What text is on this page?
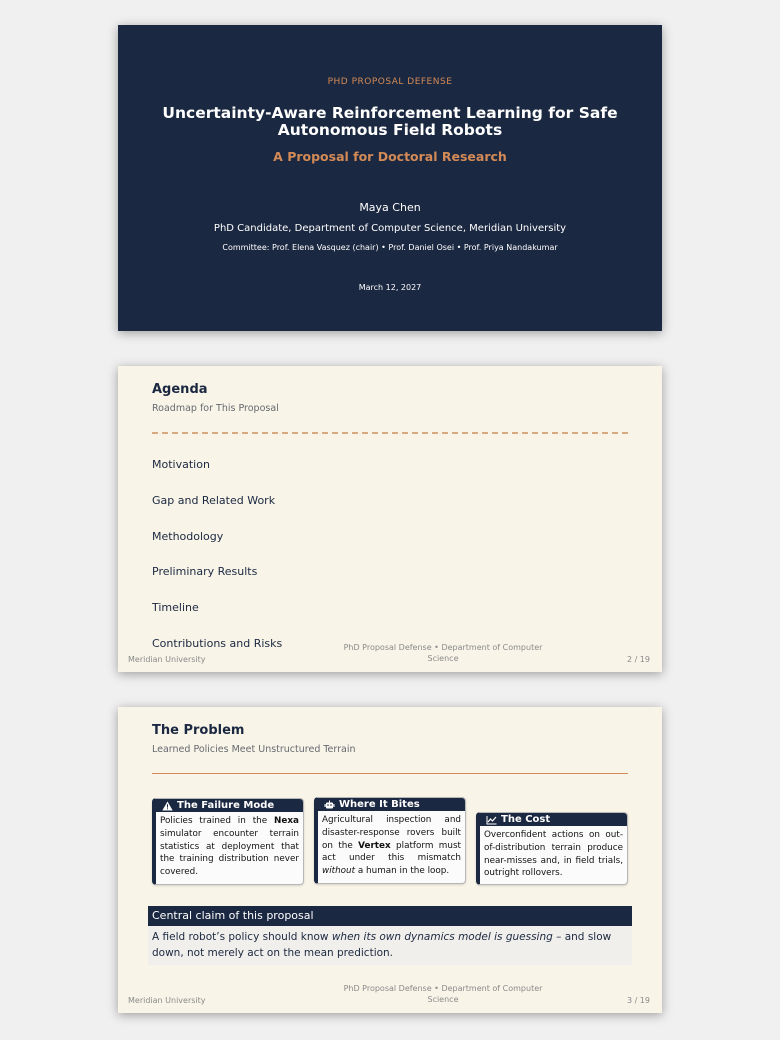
PHD PROPOSAL DEFENSE
Uncertainty-Aware Reinforcement Learning for Safe Autonomous Field Robots
A Proposal for Doctoral Research
Maya Chen
PhD Candidate, Department of Computer Science, Meridian University
Committee: Prof. Elena Vasquez (chair) • Prof. Daniel Osei • Prof. Priya Nandakumar
March 12, 2027
Agenda
Roadmap for This Proposal
Motivation
Gap and Related Work
Methodology
Preliminary Results
Timeline
Contributions and Risks
Meridian University
PhD Proposal Defense • Department of Computer Science	2 / 19
The Problem
Learned Policies Meet Unstructured Terrain
The Failure Mode
Policies trained in the Nexa simulator encounter terrain statistics at deployment that the training distribution never covered.
Where It Bites
Agricultural inspection and disaster-response rovers built on the Vertex platform must act under this mismatch without a human in the loop.
The Cost
Overconfident actions on out-of-distribution terrain produce near-misses and, in field trials, outright rollovers.
Central claim of this proposal
A field robot’s policy should know when its own dynamics model is guessing – and slow down, not merely act on the mean prediction.
Meridian University
PhD Proposal Defense • Department of Computer Science	3 / 19
